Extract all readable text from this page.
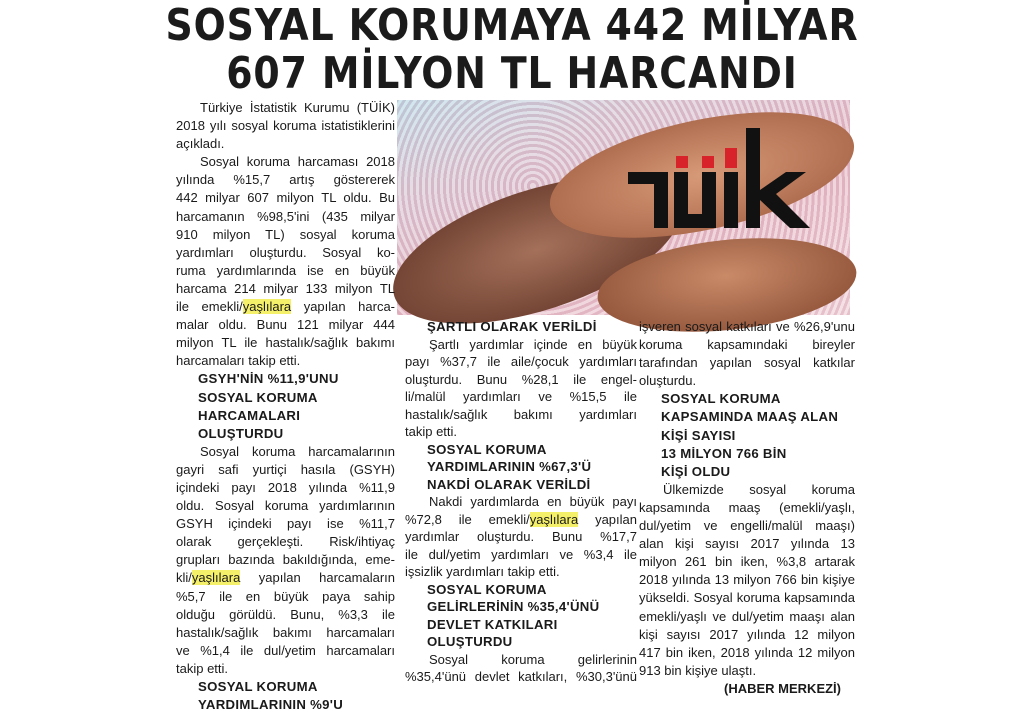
SOSYAL KORUMAYA 442 MİLYAR
607 MİLYON TL HARCANDI
Türkiye İstatistik Kurumu (TÜİK)
2018 yılı sosyal koruma istatistiklerini
açıkladı.
Sosyal koruma harcaması 2018
yılında %15,7 artış göstererek
442 milyar 607 milyon TL oldu. Bu
harcamanın %98,5'ini (435 milyar
910 milyon TL) sosyal koruma
yardımları oluşturdu. Sosyal ko-
ruma yardımlarında ise en büyük
harcama 214 milyar 133 milyon TL
ile emekli/yaşlılara yapılan harca-
malar oldu. Bunu 121 milyar 444
milyon TL ile hastalık/sağlık bakımı
harcamaları takip etti.
GSYH'NİN %11,9'UNU
SOSYAL KORUMA
HARCAMALARI
OLUŞTURDU
Sosyal koruma harcamalarının
gayri safi yurtiçi hasıla (GSYH)
içindeki payı 2018 yılında %11,9
oldu. Sosyal koruma yardımlarının
GSYH içindeki payı ise %11,7
olarak gerçekleşti. Risk/ihtiyaç
grupları bazında bakıldığında, eme-
kli/yaşlılara yapılan harcamaların
%5,7 ile en büyük paya sahip
olduğu görüldü. Bunu, %3,3 ile
hastalık/sağlık bakımı harcamaları
ve %1,4 ile dul/yetim harcamaları
takip etti.
SOSYAL KORUMA
YARDIMLARININ %9'U
ŞARTLI OLARAK VERİLDİ
Şartlı yardımlar içinde en büyük
payı %37,7 ile aile/çocuk yardımları
oluşturdu. Bunu %28,1 ile engel-
li/malül yardımları ve %15,5 ile
hastalık/sağlık bakımı yardımları
takip etti.
SOSYAL KORUMA
YARDIMLARININ %67,3'Ü
NAKDİ OLARAK VERİLDİ
Nakdi yardımlarda en büyük payı
%72,8 ile emekli/yaşlılara yapılan
yardımlar oluşturdu. Bunu %17,7
ile dul/yetim yardımları ve %3,4 ile
işsizlik yardımları takip etti.
SOSYAL KORUMA
GELİRLERİNİN %35,4'ÜNÜ
DEVLET KATKILARI
OLUŞTURDU
Sosyal koruma gelirlerinin
%35,4'ünü devlet katkıları, %30,3'ünü
işveren sosyal katkıları ve %26,9'unu
koruma kapsamındaki bireyler
tarafından yapılan sosyal katkılar
oluşturdu.
SOSYAL KORUMA
KAPSAMINDA MAAŞ ALAN
KİŞİ SAYISI
13 MİLYON 766 BİN
KİŞİ OLDU
Ülkemizde sosyal koruma
kapsamında maaş (emekli/yaşlı,
dul/yetim ve engelli/malül maaşı)
alan kişi sayısı 2017 yılında 13
milyon 261 bin iken, %3,8 artarak
2018 yılında 13 milyon 766 bin kişiye
yükseldi. Sosyal koruma kapsamında
emekli/yaşlı ve dul/yetim maaşı alan
kişi sayısı 2017 yılında 12 milyon
417 bin iken, 2018 yılında 12 milyon
913 bin kişiye ulaştı.
(HABER MERKEZİ)
